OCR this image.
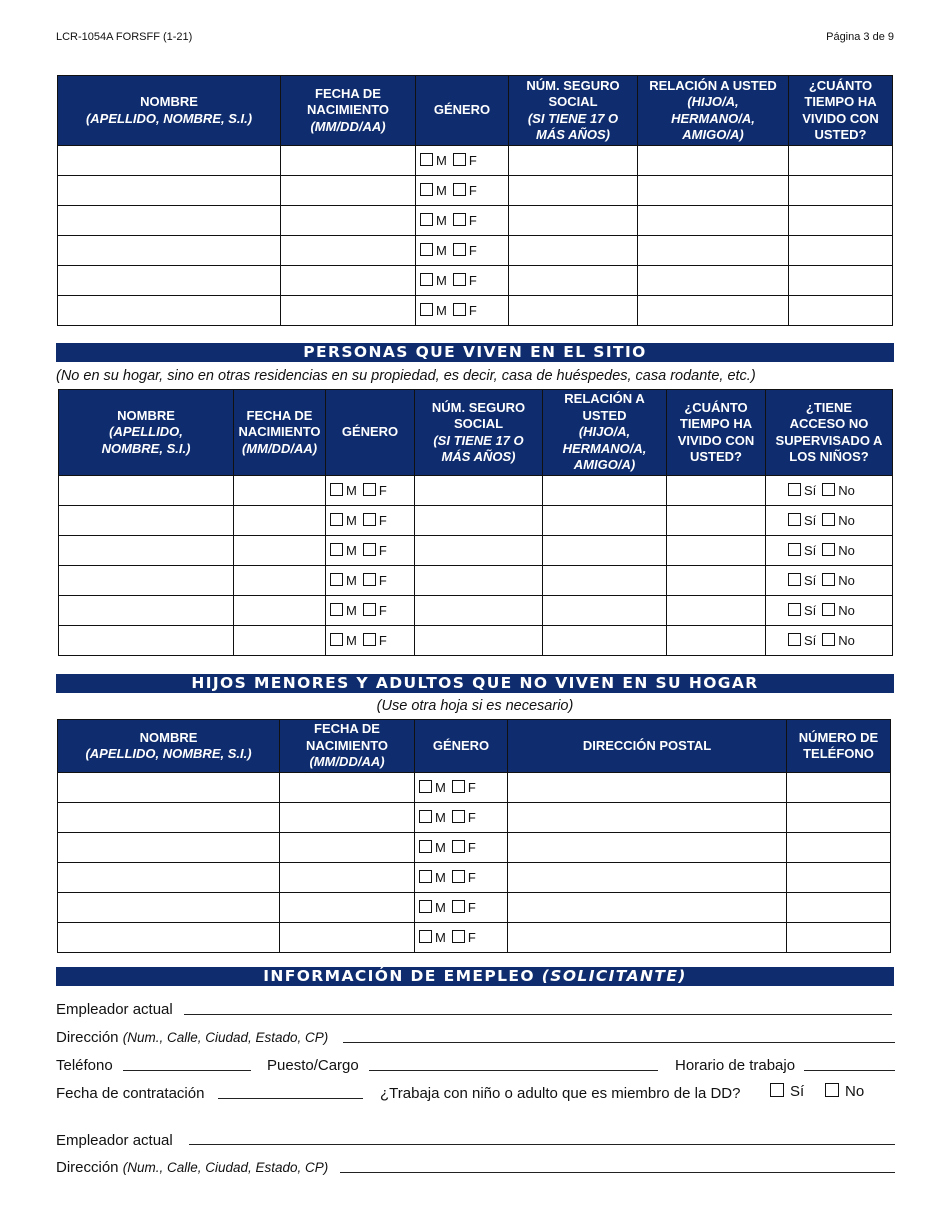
LCR-1054A FORSFF (1-21)	Página 3 de 9
NOMBRE
(APELLIDO, NOMBRE, S.I.)	FECHA DE
NACIMIENTO
(MM/DD/AA)	GÉNERO	NÚM. SEGURO
SOCIAL
(SI TIENE 17 O
MÁS AÑOS)	RELACIÓN A USTED
(HIJO/A,
HERMANO/A,
AMIGO/A)	¿CUÁNTO
TIEMPO HA
VIVIDO CON
USTED?

		M F			
		M F			
		M F			
		M F			
		M F			
		M F			
PERSONAS QUE VIVEN EN EL SITIO
(No en su hogar, sino en otras residencias en su propiedad, es decir, casa de huéspedes, casa rodante, etc.)
NOMBRE
(APELLIDO,
NOMBRE, S.I.)	FECHA DE
NACIMIENTO
(MM/DD/AA)	GÉNERO	NÚM. SEGURO
SOCIAL
(SI TIENE 17 O
MÁS AÑOS)	RELACIÓN A
USTED
(HIJO/A,
HERMANO/A,
AMIGO/A)	¿CUÁNTO
TIEMPO HA
VIVIDO CON
USTED?	¿TIENE
ACCESO NO
SUPERVISADO A
LOS NIÑOS?

		M F				Sí No
		M F				Sí No
		M F				Sí No
		M F				Sí No
		M F				Sí No
		M F				Sí No
HIJOS MENORES Y ADULTOS QUE NO VIVEN EN SU HOGAR
(Use otra hoja si es necesario)
NOMBRE
(APELLIDO, NOMBRE, S.I.)	FECHA DE
NACIMIENTO
(MM/DD/AA)	GÉNERO	DIRECCIÓN POSTAL	NÚMERO DE
TELÉFONO

		M F		
		M F		
		M F		
		M F		
		M F		
		M F		
INFORMACIÓN DE EMEPLEO (SOLICITANTE)
Empleador actual
Dirección (Num., Calle, Ciudad, Estado, CP)
Teléfono	Puesto/Cargo	Horario de trabajo
Fecha de contratación	¿Trabaja con niño o adulto que es miembro de la DD?	Sí	No
Empleador actual
Dirección (Num., Calle, Ciudad, Estado, CP)
